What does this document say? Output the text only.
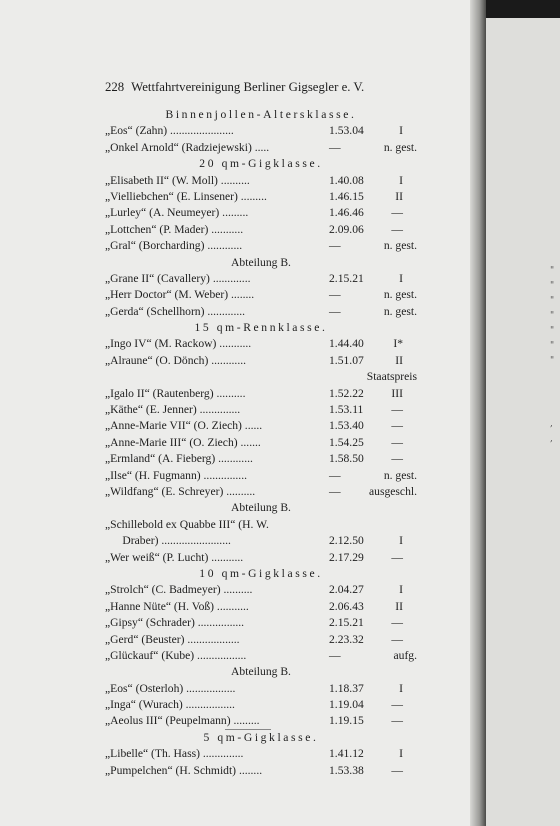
228 Wettfahrtvereinigung Berliner Gigsegler e. V.
Binnenjollen-Altersklasse.
„Eos“ (Zahn) ......................	1.53.04	I
„Onkel Arnold“ (Radziejewski) .....	—	n. gest.
20 qm-Gigklasse.
„Elisabeth II“ (W. Moll) ..........	1.40.08	I
„Vielliebchen“ (E. Linsener) .........	1.46.15	II
„Lurley“ (A. Neumeyer) .........	1.46.46 —
„Lottchen“ (P. Mader) ...........	2.09.06 —
„Gral“ (Borcharding) ............	—	n. gest.
Abteilung B.
„Grane II“ (Cavallery) .............	2.15.21	I
„Herr Doctor“ (M. Weber) ........	—	n. gest.
„Gerda“ (Schellhorn) .............	—	n. gest.
15 qm-Rennklasse.
„Ingo IV“ (M. Rackow) ...........	1.44.40	I*
„Alraune“ (O. Dönch) ............	1.51.07	II
Staatspreis
„Igalo II“ (Rautenberg) ..........	1.52.22 III
„Käthe“ (E. Jenner) ..............	1.53.11 —
„Anne-Marie VII“ (O. Ziech) ......	1.53.40 —
„Anne-Marie III“ (O. Ziech) .......	1.54.25 —
„Ermland“ (A. Fieberg) ............	1.58.50 —
„Ilse“ (H. Fugmann) ...............	—	n. gest.
„Wildfang“ (E. Schreyer) ..........	— ausgeschl.
Abteilung B.
„Schillebold ex Quabbe III“ (H. W.
Draber) ........................	2.12.50	I
„Wer weiß“ (P. Lucht) ...........	2.17.29 —
10 qm-Gigklasse.
„Strolch“ (C. Badmeyer) ..........	2.04.27	I
„Hanne Nüte“ (H. Voß) ...........	2.06.43	II
„Gipsy“ (Schrader) ................	2.15.21 —
„Gerd“ (Beuster) ..................	2.23.32 —
„Glückauf“ (Kube) .................	—	aufg.
Abteilung B.
„Eos“ (Osterloh) .................	1.18.37	I
„Inga“ (Wurach) .................	1.19.04 —
„Aeolus III“ (Peupelmann) .........	1.19.15 —
5 qm-Gigklasse.
„Libelle“ (Th. Hass) ..............	1.41.12	I
„Pumpelchen“ (H. Schmidt) ........	1.53.38 —
"
"
"
"
"
"
"
,
,
